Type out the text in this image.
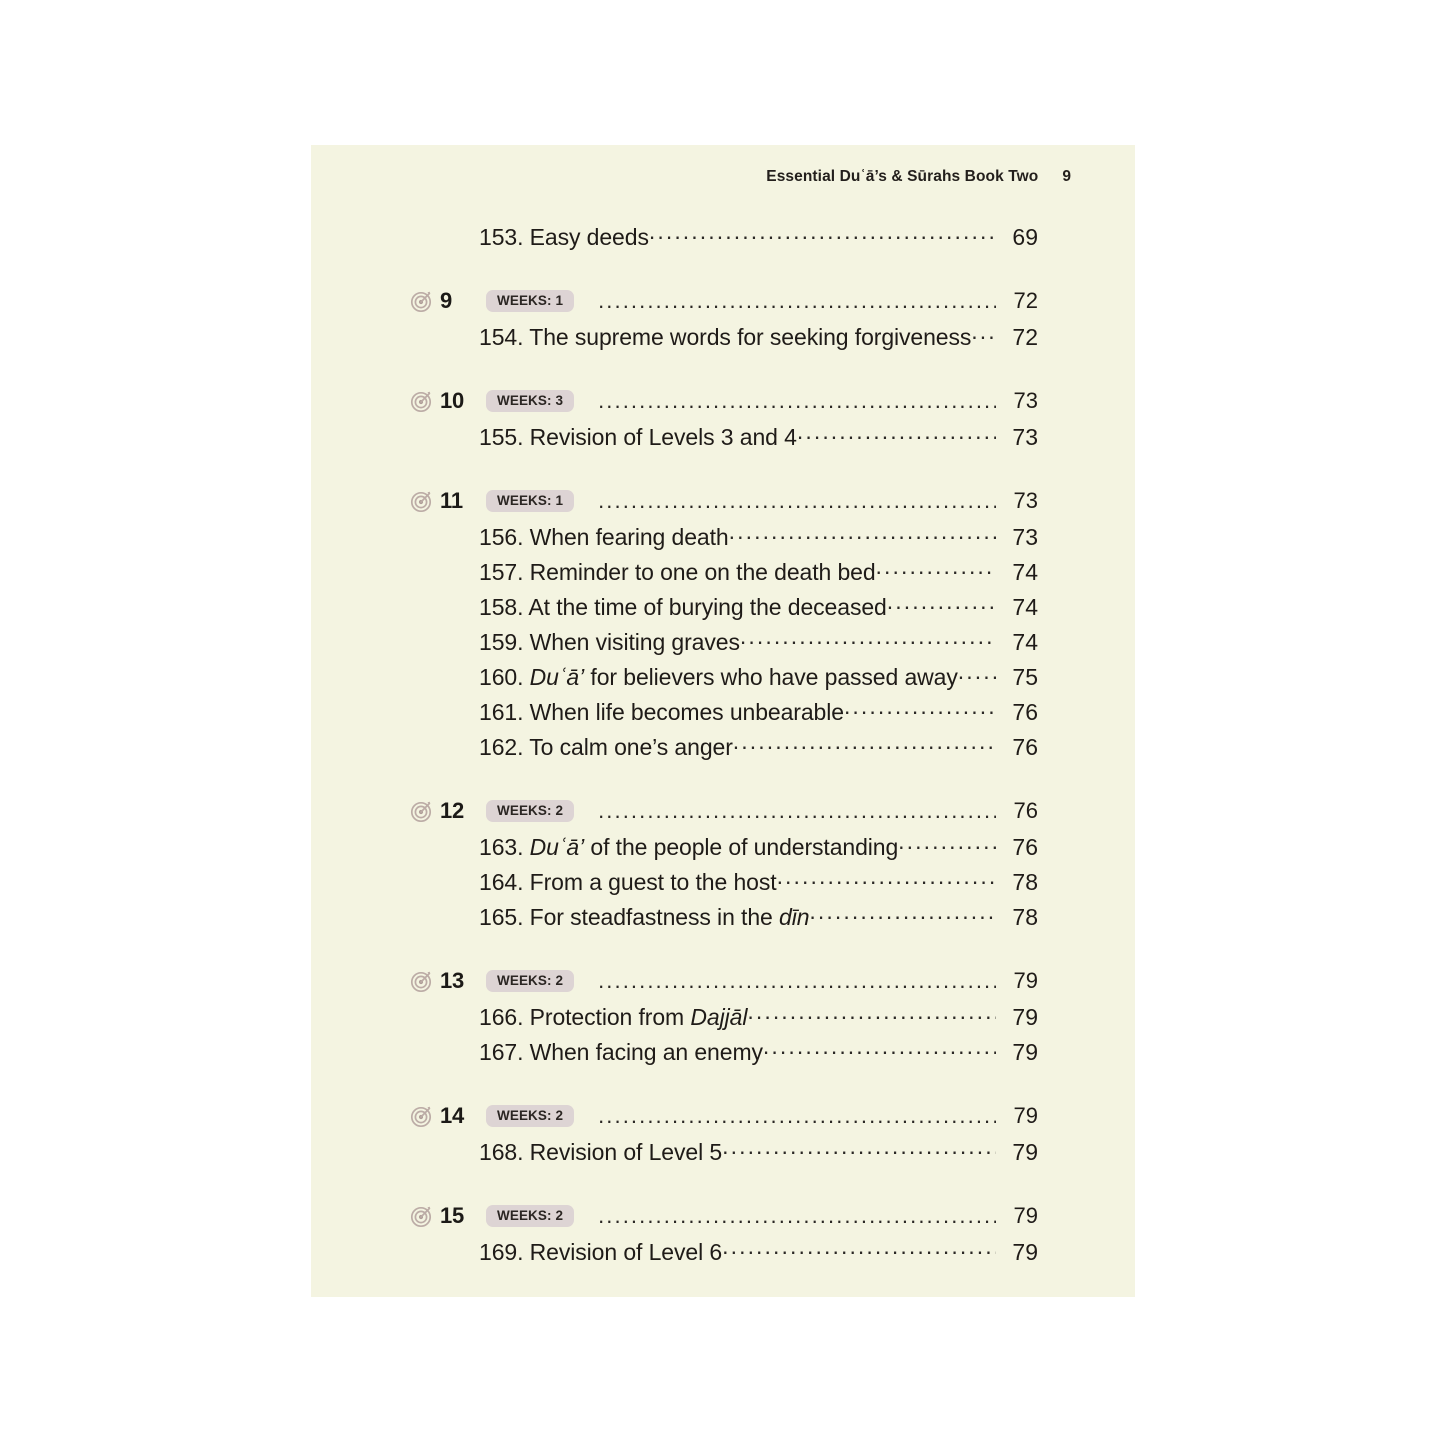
Essential Duʿā’s & Sūrahs Book Two 9
153. Easy deeds .....	69
9	WEEKS: 1 .....	72
154. The supreme words for seeking forgiveness .....	72
10	WEEKS: 3 .....	73
155. Revision of Levels 3 and 4 .....	73
11	WEEKS: 1 .....	73
156. When fearing death .....	73
157. Reminder to one on the death bed .....	74
158. At the time of burying the deceased .....	74
159. When visiting graves .....	74
160. Duʿā’ for believers who have passed away .....	75
161. When life becomes unbearable .....	76
162. To calm one’s anger .....	76
12	WEEKS: 2 .....	76
163. Duʿā’ of the people of understanding .....	76
164. From a guest to the host .....	78
165. For steadfastness in the dīn .....	78
13	WEEKS: 2 .....	79
166. Protection from Dajjāl .....	79
167. When facing an enemy .....	79
14	WEEKS: 2 .....	79
168. Revision of Level 5 .....	79
15	WEEKS: 2 .....	79
169. Revision of Level 6 .....	79
